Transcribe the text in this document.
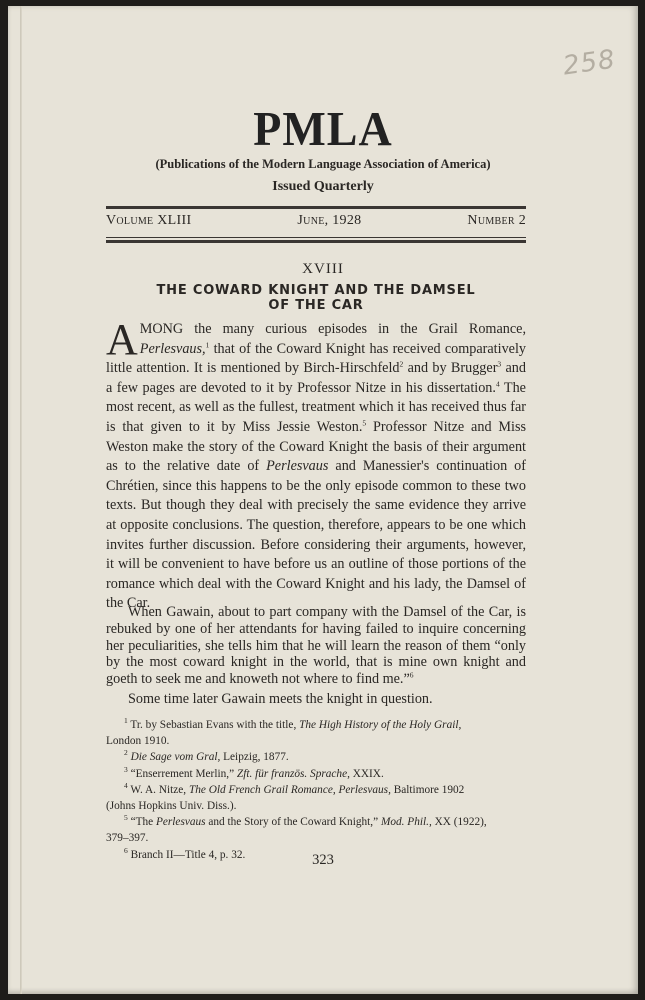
258
PMLA
(Publications of the Modern Language Association of America)
Issued Quarterly
Volume XLIII	June, 1928	Number 2
XVIII
THE COWARD KNIGHT AND THE DAMSEL
OF THE CAR
AMONG the many curious episodes in the Grail Romance, Perlesvaus,$^1$ that of the Coward Knight has received comparatively little attention. It is mentioned by Birch-Hirschfeld$^2$ and by Brugger$^3$ and a few pages are devoted to it by Professor Nitze in his dissertation.$^4$ The most recent, as well as the fullest, treatment which it has received thus far is that given to it by Miss Jessie Weston.$^5$ Professor Nitze and Miss Weston make the story of the Coward Knight the basis of their argument as to the relative date of Perlesvaus and Manessier's continuation of Chrétien, since this happens to be the only episode common to these two texts. But though they deal with precisely the same evidence they arrive at opposite conclusions. The question, therefore, appears to be one which invites further discussion. Before considering their arguments, however, it will be convenient to have before us an outline of those portions of the romance which deal with the Coward Knight and his lady, the Damsel of the Car.
When Gawain, about to part company with the Damsel of the Car, is rebuked by one of her attendants for having failed to inquire concerning her peculiarities, she tells him that he will learn the reason of them “only by the most coward knight in the world, that is mine own knight and goeth to seek me and knoweth not where to find me.”$^6$
Some time later Gawain meets the knight in question.
$^1$ Tr. by Sebastian Evans with the title, The High History of the Holy Grail,
London 1910.
$^2$ Die Sage vom Gral, Leipzig, 1877.
$^3$ “Enserrement Merlin,” Zft. für französ. Sprache, XXIX.
$^4$ W. A. Nitze, The Old French Grail Romance, Perlesvaus, Baltimore 1902
(Johns Hopkins Univ. Diss.).
$^5$ “The Perlesvaus and the Story of the Coward Knight,” Mod. Phil., XX (1922),
379–397.
$^6$ Branch II—Title 4, p. 32.	323
